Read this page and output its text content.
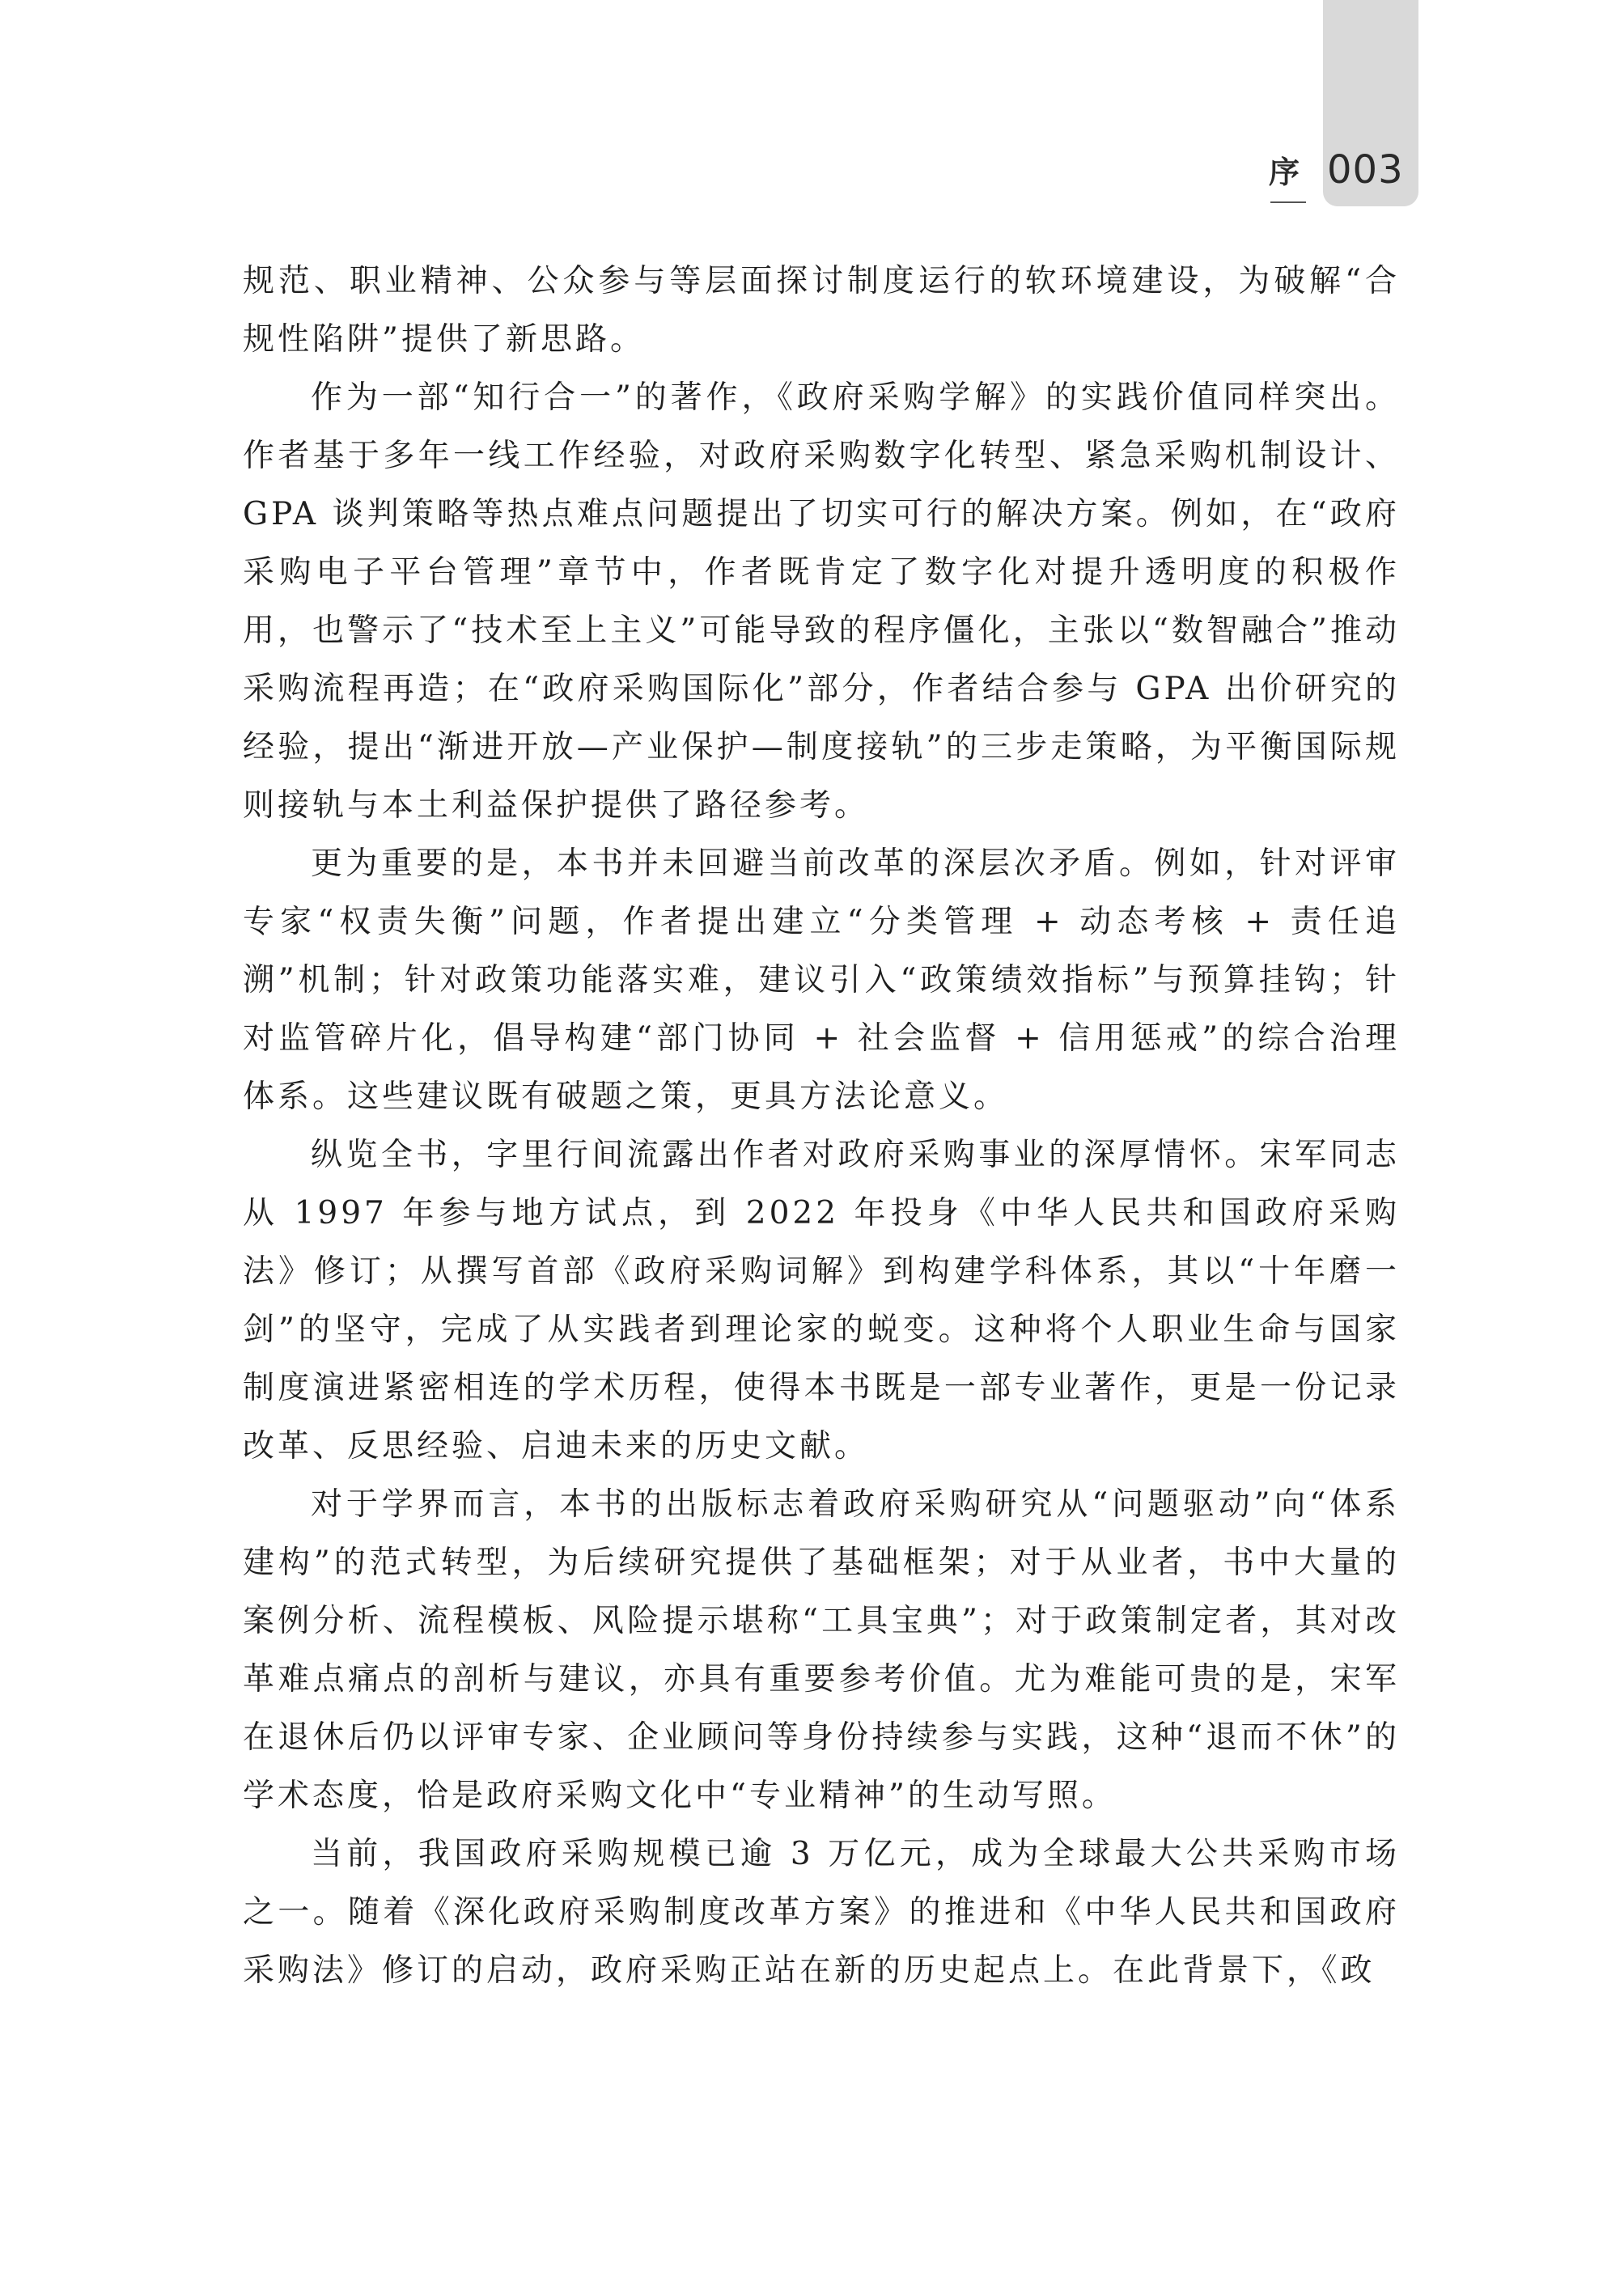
序 003

规范、职业精神、公众参与等层面探讨制度运行的软环境建设，为破解“合规性陷阱”提供了新思路。

作为一部“知行合一”的著作，《政府采购学解》的实践价值同样突出。作者基于多年一线工作经验，对政府采购数字化转型、紧急采购机制设计、GPA 谈判策略等热点难点问题提出了切实可行的解决方案。例如，在“政府采购电子平台管理”章节中，作者既肯定了数字化对提升透明度的积极作用，也警示了“技术至上主义”可能导致的程序僵化，主张以“数智融合”推动采购流程再造；在“政府采购国际化”部分，作者结合参与 GPA 出价研究的经验，提出“渐进开放—产业保护—制度接轨”的三步走策略，为平衡国际规则接轨与本土利益保护提供了路径参考。

更为重要的是，本书并未回避当前改革的深层次矛盾。例如，针对评审专家“权责失衡”问题，作者提出建立“分类管理 + 动态考核 + 责任追溯”机制；针对政策功能落实难，建议引入“政策绩效指标”与预算挂钩；针对监管碎片化，倡导构建“部门协同 + 社会监督 + 信用惩戒”的综合治理体系。这些建议既有破题之策，更具方法论意义。

纵览全书，字里行间流露出作者对政府采购事业的深厚情怀。宋军同志从 1997 年参与地方试点，到 2022 年投身《中华人民共和国政府采购法》修订；从撰写首部《政府采购词解》到构建学科体系，其以“十年磨一剑”的坚守，完成了从实践者到理论家的蜕变。这种将个人职业生命与国家制度演进紧密相连的学术历程，使得本书既是一部专业著作，更是一份记录改革、反思经验、启迪未来的历史文献。

对于学界而言，本书的出版标志着政府采购研究从“问题驱动”向“体系建构”的范式转型，为后续研究提供了基础框架；对于从业者，书中大量的案例分析、流程模板、风险提示堪称“工具宝典”；对于政策制定者，其对改革难点痛点的剖析与建议，亦具有重要参考价值。尤为难能可贵的是，宋军在退休后仍以评审专家、企业顾问等身份持续参与实践，这种“退而不休”的学术态度，恰是政府采购文化中“专业精神”的生动写照。

当前，我国政府采购规模已逾 3 万亿元，成为全球最大公共采购市场之一。随着《深化政府采购制度改革方案》的推进和《中华人民共和国政府采购法》修订的启动，政府采购正站在新的历史起点上。在此背景下，《政
